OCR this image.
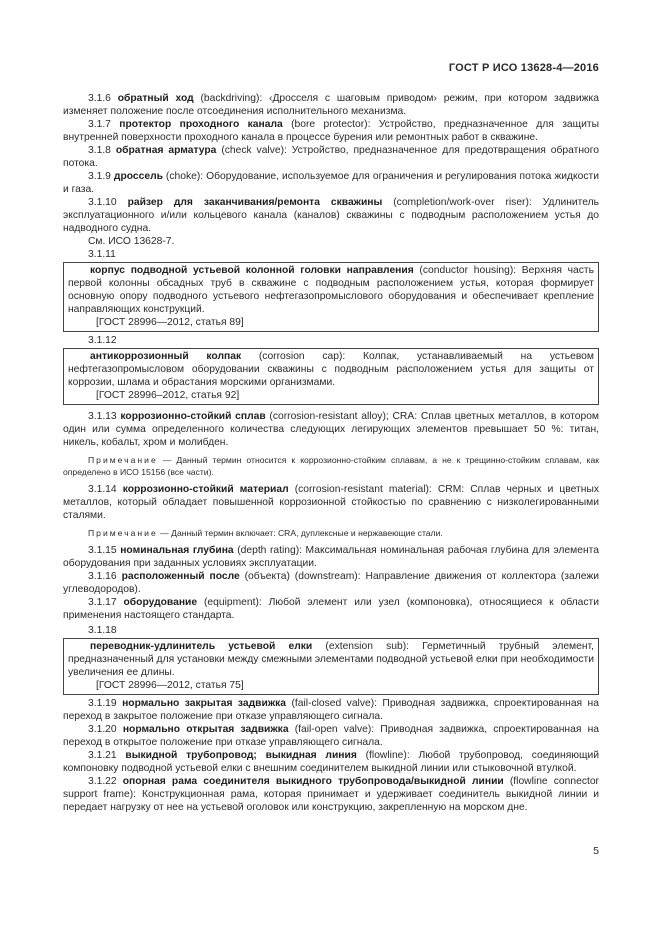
ГОСТ Р ИСО 13628-4—2016

3.1.6 обратный ход (backdriving): ‹Дросселя с шаговым приводом› режим, при котором задвижка изменяет положение после отсоединения исполнительного механизма.

3.1.7 протектор проходного канала (bore protector): Устройство, предназначенное для защиты внутренней поверхности проходного канала в процессе бурения или ремонтных работ в скважине.

3.1.8 обратная арматура (check valve): Устройство, предназначенное для предотвращения обратного потока.

3.1.9 дроссель (choke): Оборудование, используемое для ограничения и регулирования потока жидкости и газа.

3.1.10 райзер для заканчивания/ремонта скважины (completion/work-over riser): Удлинитель эксплуатационного и/или кольцевого канала (каналов) скважины с подводным расположением устья до надводного судна.

См. ИСО 13628-7.

3.1.11

корпус подводной устьевой колонной головки направления (conductor housing): Верхняя часть первой колонны обсадных труб в скважине с подводным расположением устья, которая формирует основную опору подводного устьевого нефтегазопромыслового оборудования и обеспечивает крепление направляющих конструкций.

[ГОСТ 28996—2012, статья 89]

3.1.12

антикоррозионный колпак (corrosion cap): Колпак, устанавливаемый на устьевом нефтегазопромысловом оборудовании скважины с подводным расположением устья для защиты от коррозии, шлама и обрастания морскими организмами.

[ГОСТ 28996–2012, статья 92]

3.1.13 коррозионно-стойкий сплав (corrosion-resistant alloy); CRA: Сплав цветных металлов, в котором один или сумма определенного количества следующих легирующих элементов превышает 50 %: титан, никель, кобальт, хром и молибден.

Примечание — Данный термин относится к коррозионно-стойким сплавам, а не к трещинно-стойким сплавам, как определено в ИСО 15156 (все части).

3.1.14 коррозионно-стойкий материал (corrosion-resistant material): CRM: Сплав черных и цветных металлов, который обладает повышенной коррозионной стойкостью по сравнению с низколегированными сталями.

Примечание — Данный термин включает: CRA, дуплексные и нержавеющие стали.

3.1.15 номинальная глубина (depth rating): Максимальная номинальная рабочая глубина для элемента оборудования при заданных условиях эксплуатации.

3.1.16 расположенный после (объекта) (downstream): Направление движения от коллектора (залежи углеводородов).

3.1.17 оборудование (equipment): Любой элемент или узел (компоновка), относящиеся к области применения настоящего стандарта.

3.1.18

переводник-удлинитель устьевой елки (extension sub): Герметичный трубный элемент, предназначенный для установки между смежными элементами подводной устьевой елки при необходимости увеличения ее длины.

[ГОСТ 28996—2012, статья 75]

3.1.19 нормально закрытая задвижка (fail-closed valve): Приводная задвижка, спроектированная на переход в закрытое положение при отказе управляющего сигнала.

3.1.20 нормально открытая задвижка (fail-open valve): Приводная задвижка, спроектированная на переход в открытое положение при отказе управляющего сигнала.

3.1.21 выкидной трубопровод; выкидная линия (flowline): Любой трубопровод, соединяющий компоновку подводной устьевой елки с внешним соединителем выкидной линии или стыковочной втулкой.

3.1.22 опорная рама соединителя выкидного трубопровода/выкидной линии (flowline connector support frame): Конструкционная рама, которая принимает и удерживает соединитель выкидной линии и передает нагрузку от нее на устьевой оголовок или конструкцию, закрепленную на морском дне.

5
